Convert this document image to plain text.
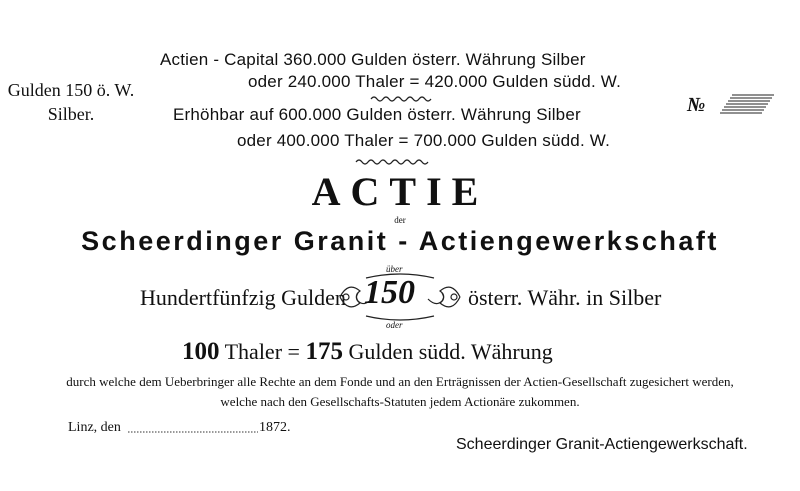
Actien - Capital 360.000 Gulden österr. Währung Silber
oder 240.000 Thaler = 420.000 Gulden südd. W.
Erhöhbar auf 600.000 Gulden österr. Währung Silber
oder 400.000 Thaler = 700.000 Gulden südd. W.
Gulden 150 ö. W.
Silber.	№
ACTIE
der
Scheerdinger Granit - Actiengewerkschaft
Hundertfünfzig Gulden
über
150
oder
österr. Währ. in Silber
100 Thaler = 175 Gulden südd. Währung
durch welche dem Ueberbringer alle Rechte an dem Fonde und an den Erträgnissen der Actien-Gesellschaft zugesichert werden,
welche nach den Gesellschafts-Statuten jedem Actionäre zukommen.
Linz, den	1872.
Scheerdinger Granit-Actiengewerkschaft.
